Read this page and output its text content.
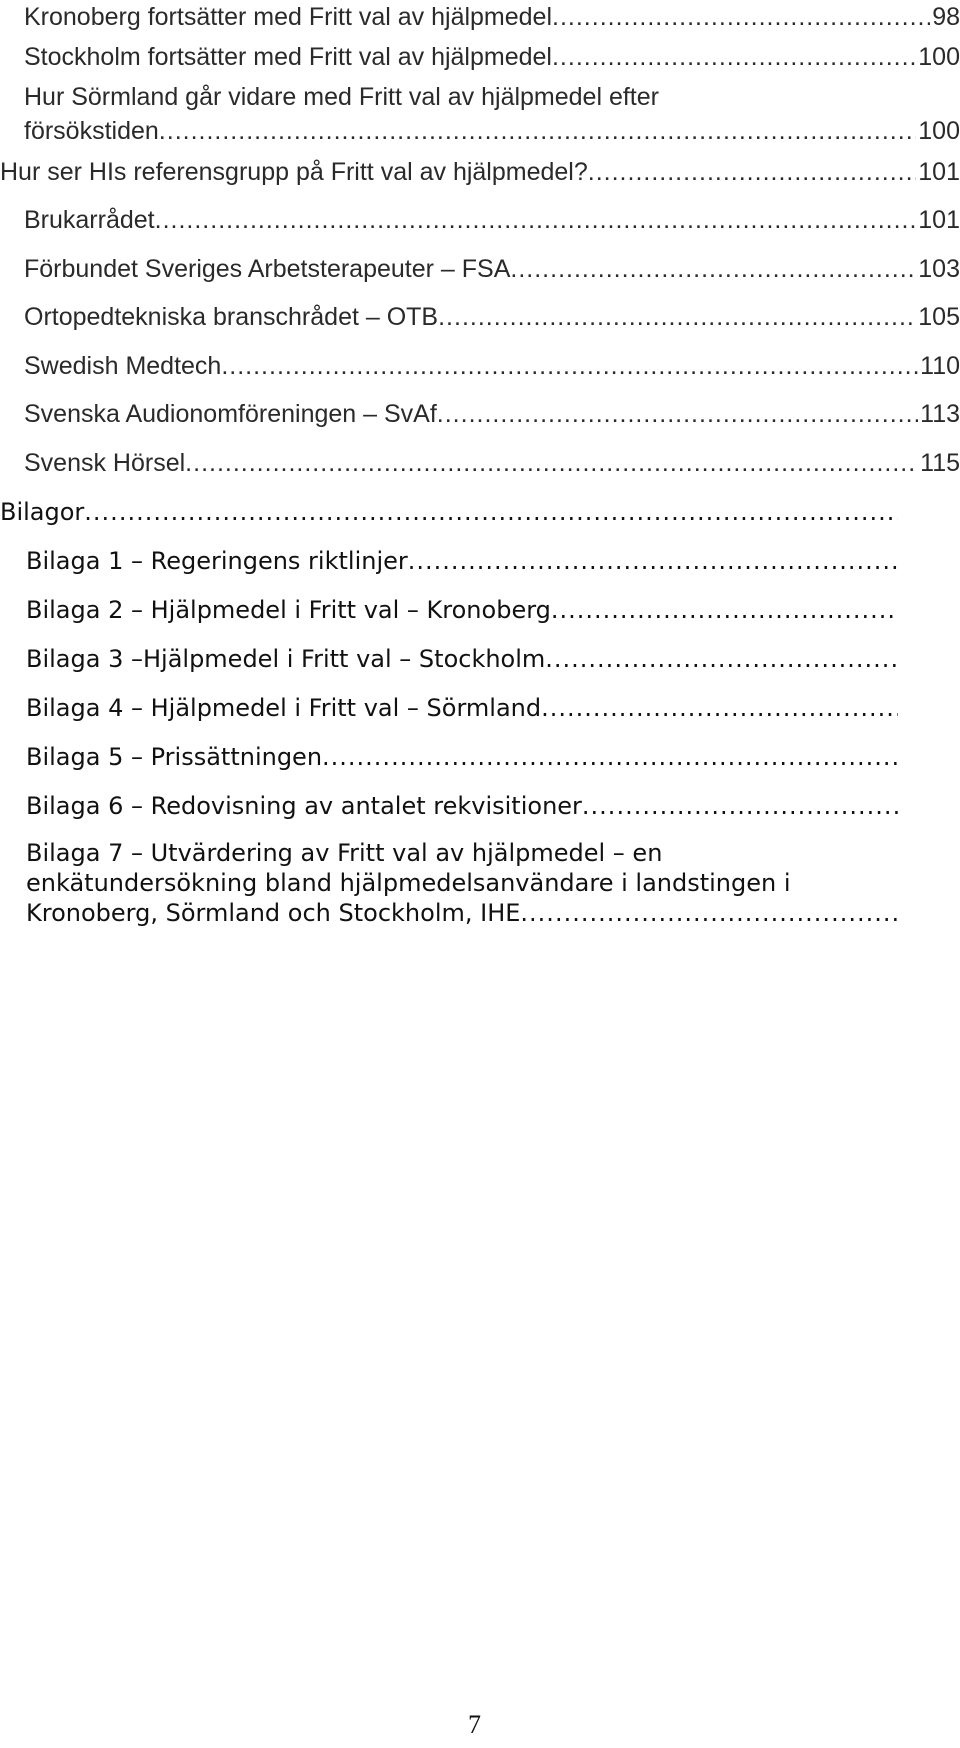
Kronoberg fortsätter med Fritt val av hjälpmedel .....	98
Stockholm fortsätter med Fritt val av hjälpmedel .....	100
Hur Sörmland går vidare med Fritt val av hjälpmedel efter
försökstiden .....	100
Hur ser HIs referensgrupp på Fritt val av hjälpmedel? .....	101
Brukarrådet .....	101
Förbundet Sveriges Arbetsterapeuter – FSA .....	103
Ortopedtekniska branschrådet – OTB .....	105
Swedish Medtech .....	110
Svenska Audionomföreningen – SvAf .....	113
Svensk Hörsel .....	115
Bilagor
.....
Bilaga 1 – Regeringens riktlinjer
.....
Bilaga 2 – Hjälpmedel i Fritt val – Kronoberg
.....
Bilaga 3 –Hjälpmedel i Fritt val – Stockholm
.....
Bilaga 4 – Hjälpmedel i Fritt val – Sörmland
.....
Bilaga 5 – Prissättningen
.....
Bilaga 6 – Redovisning av antalet rekvisitioner
.....
Bilaga 7 – Utvärdering av Fritt val av hjälpmedel – en
enkätundersökning bland hjälpmedelsanvändare i landstingen i
Kronoberg, Sörmland och Stockholm, IHE
.....
7
